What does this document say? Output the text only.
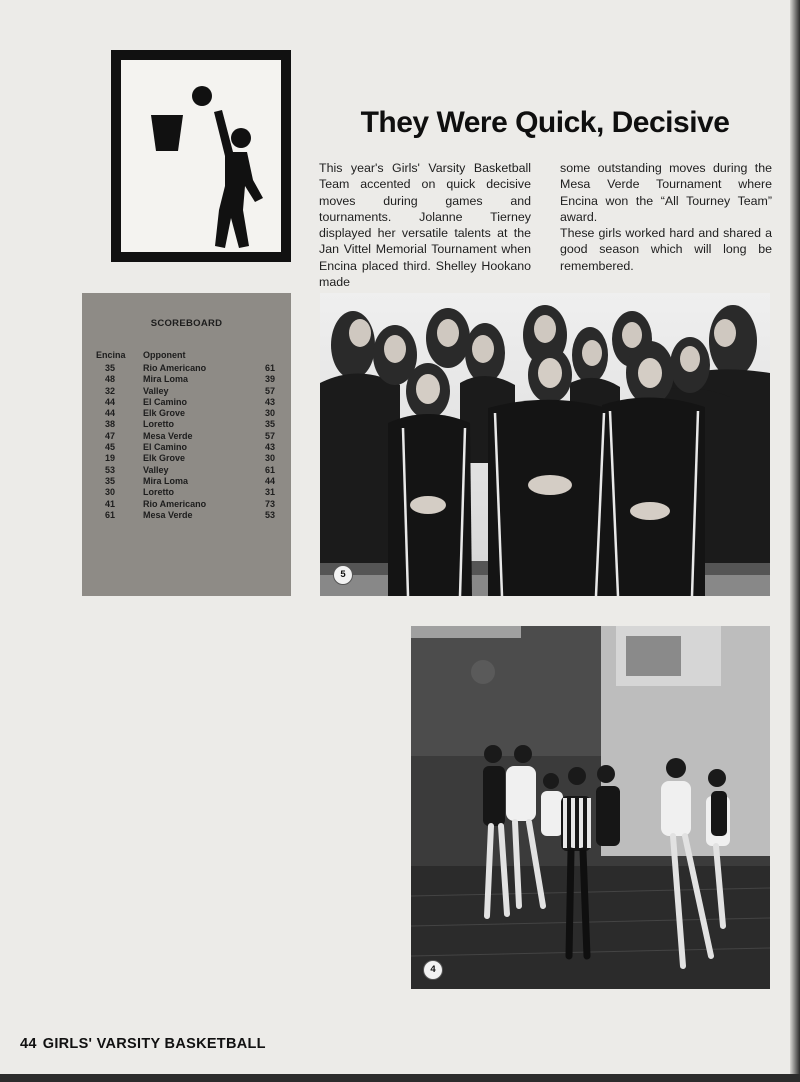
They Were Quick, Decisive

This year's Girls' Varsity Basketball Team accented on quick decisive moves during games and tournaments. Jolanne Tierney displayed her versatile talents at the Jan Vittel Memorial Tournament when Encina placed third. Shelley Hookano made

some outstanding moves during the Mesa Verde Tournament where Encina won the “All Tourney Team” award.

These girls worked hard and shared a good season which will long be remembered.

SCOREBOARD
Encina Opponent
35	Rio Americano	61
48	Mira Loma	39
32	Valley	57
44	El Camino	43
44	Elk Grove	30
38	Loretto	35
47	Mesa Verde	57
45	El Camino	43
19	Elk Grove	30
53	Valley	61
35	Mira Loma	44
30	Loretto	31
41	Rio Americano	73
61	Mesa Verde	53
5
4
44 GIRLS' VARSITY BASKETBALL
